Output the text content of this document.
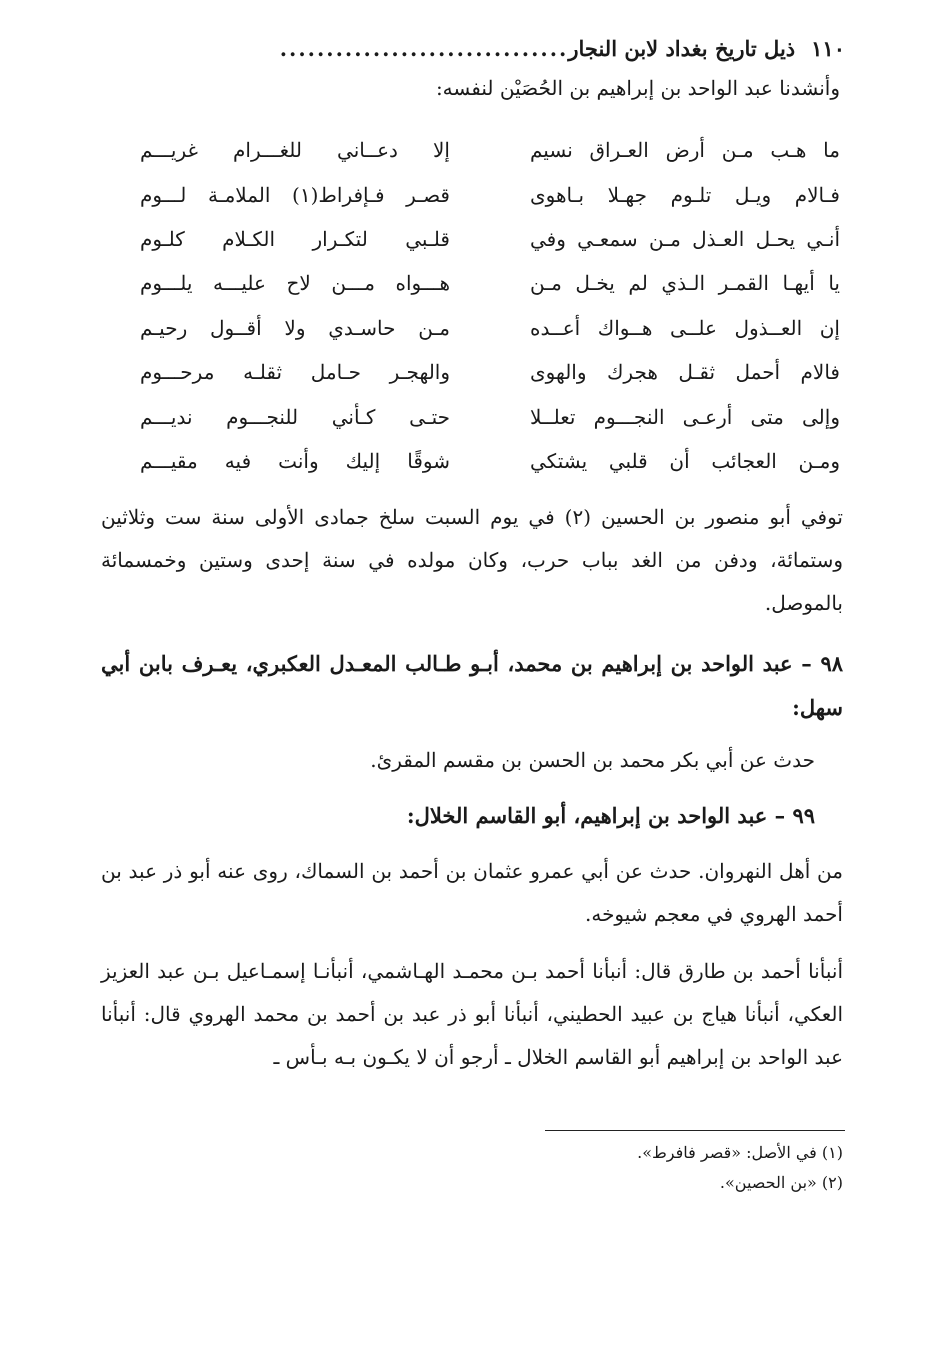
١١٠
ذيل تاريخ بغداد لابن النجار
...............................
وأنشدنا عبد الواحد بن إبراهيم بن الحُصَيْن لنفسه:
ما هـب مـن أرض العـراق نسيم
إلا دعــاني للغـــرام غريـــم
فـالام ويـل تلـوم جهـلا بـاهوى
قصـر فـإفراط(١) الملامـة لـــوم
أنـي يحـل العـذل مـن سمعـي وفي
قلـبي لتكـرار الكـلام كلـوم
يا أيهـا القمـر الـذي لم يخـل مـن
هـــواه مـــن لاح عليـــه يلـــوم
إن العــذول علــى هــواك أعــده
مـن حاسـدي ولا أقــول رحيـم
فالام أحمل ثقـل هجرك والهوى
والهجـر حـامل ثقلـه مرحـــوم
وإلى متى أرعـى النجـــوم تعلــلا
حتـى كـأني للنجـــوم نديـــم
ومـن العجائب أن قلبي يشتكي
شوقًا إليك وأنت فيه مقيـــم

توفي أبو منصور بن الحسين (٢) في يوم السبت سلخ جمادى الأولى سنة ست وثلاثين وستمائة، ودفن من الغد بباب حرب، وكان مولده في سنة إحدى وستين وخمسمائة بالموصل.

٩٨ – عبد الواحد بن إبراهيم بن محمد، أبـو طـالب المعـدل العكبري، يعـرف بابن أبي سهل:

حدث عن أبي بكر محمد بن الحسن بن مقسم المقرئ.

٩٩ – عبد الواحد بن إبراهيم، أبو القاسم الخلال:

من أهل النهروان. حدث عن أبي عمرو عثمان بن أحمد بن السماك، روى عنه أبو ذر عبد بن أحمد الهروي في معجم شيوخه.

أنبأنا أحمد بن طارق قال: أنبأنا أحمد بـن محمـد الهـاشمي، أنبأنـا إسمـاعيل بـن عبد العزيز العكي، أنبأنا هياج بن عبيد الحطيني، أنبأنا أبو ذر عبد بن أحمد بن محمد الهروي قال: أنبأنا عبد الواحد بن إبراهيم أبو القاسم الخلال ـ أرجو أن لا يكـون بـه بـأس ـ

(١) في الأصل: «قصر فافرط».
(٢) «بن الحصين».
